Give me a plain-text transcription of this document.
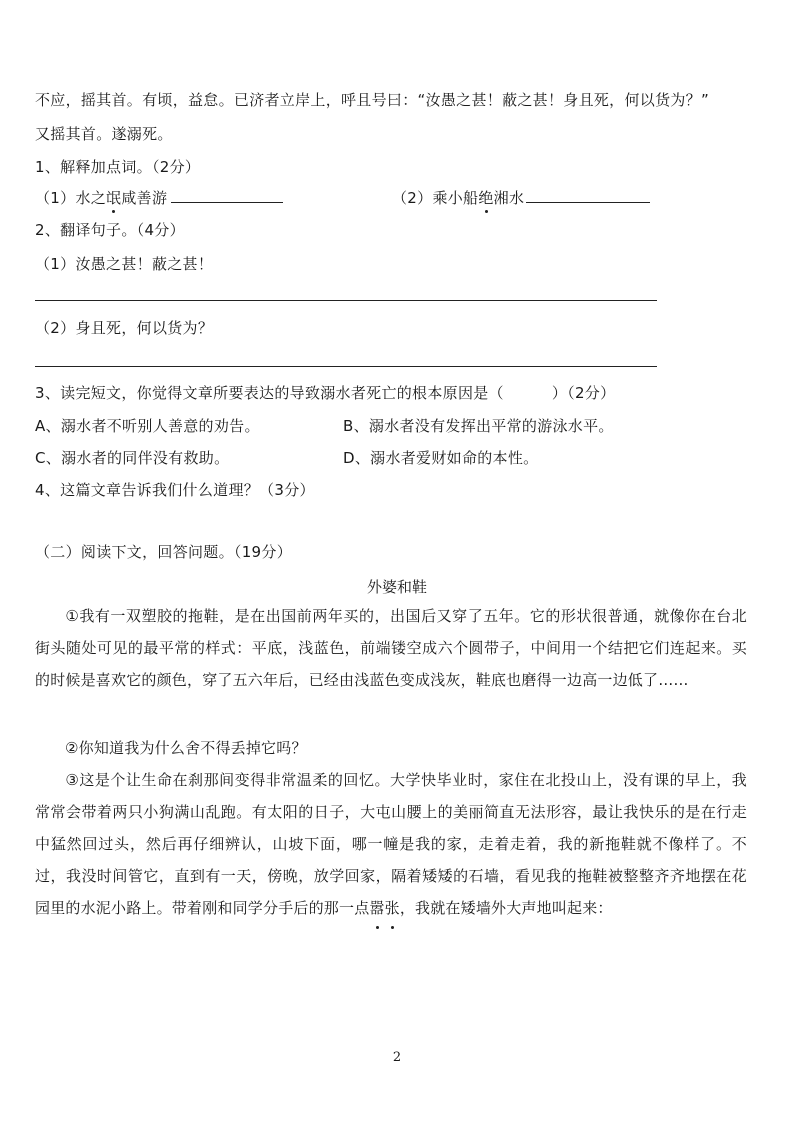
不应，摇其首。有顷，益怠。已济者立岸上，呼且号曰：“汝愚之甚！蔽之甚！身且死，何以货为？”
又摇其首。遂溺死。
1、解释加点词。（2分）
（1）水之氓咸善游	（2）乘小船绝湘水
2、翻译句子。（4分）
（1）汝愚之甚！蔽之甚！
（2）身且死，何以货为？
3、读完短文，你觉得文章所要表达的导致溺水者死亡的根本原因是（	）（2分）
A、溺水者不听别人善意的劝告。	B、溺水者没有发挥出平常的游泳水平。
C、溺水者的同伴没有救助。	D、溺水者爱财如命的本性。
4、这篇文章告诉我们什么道理？（3分）
（二）阅读下文，回答问题。（19分）
外婆和鞋
①我有一双塑胶的拖鞋，是在出国前两年买的，出国后又穿了五年。它的形状很普通，就像你在台北街头随处可见的最平常的样式：平底，浅蓝色，前端镂空成六个圆带子，中间用一个结把它们连起来。买的时候是喜欢它的颜色，穿了五六年后，已经由浅蓝色变成浅灰，鞋底也磨得一边高一边低了……
②你知道我为什么舍不得丢掉它吗？
③这是个让生命在刹那间变得非常温柔的回忆。大学快毕业时，家住在北投山上，没有课的早上，我常常会带着两只小狗满山乱跑。有太阳的日子，大屯山腰上的美丽简直无法形容，最让我快乐的是在行走中猛然回过头，然后再仔细辨认，山坡下面，哪一幢是我的家，走着走着，我的新拖鞋就不像样了。不过，我没时间管它，直到有一天，傍晚，放学回家，隔着矮矮的石墙，看见我的拖鞋被整整齐齐地摆在花园里的水泥小路上。带着刚和同学分手后的那一点嚣张，我就在矮墙外大声地叫起来：
2
